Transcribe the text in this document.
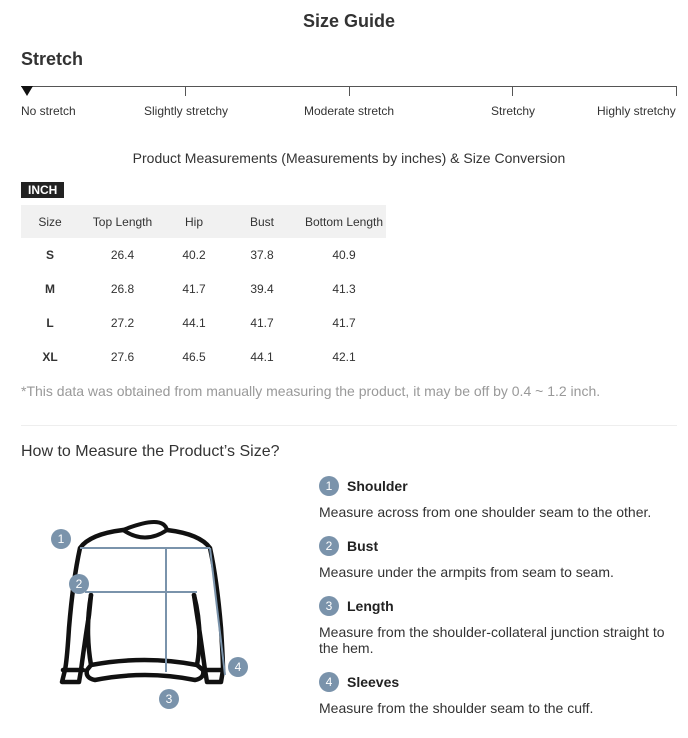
Size Guide
Stretch
No stretch	Slightly stretchy	Moderate stretch	Stretchy	Highly stretchy
Product Measurements (Measurements by inches) & Size Conversion
INCH
Size	Top Length	Hip	Bust	Bottom Length
S	26.4	40.2	37.8	40.9
M	26.8	41.7	39.4	41.3
L	27.2	44.1	41.7	41.7
XL	27.6	46.5	44.1	42.1
*This data was obtained from manually measuring the product, it may be off by 0.4 ~ 1.2 inch.
How to Measure the Product’s Size?
1
2
3
4
1	Shoulder
Measure across from one shoulder seam to the other.
2	Bust
Measure under the armpits from seam to seam.
3	Length
Measure from the shoulder-collateral junction straight to the hem.
4	Sleeves
Measure from the shoulder seam to the cuff.
